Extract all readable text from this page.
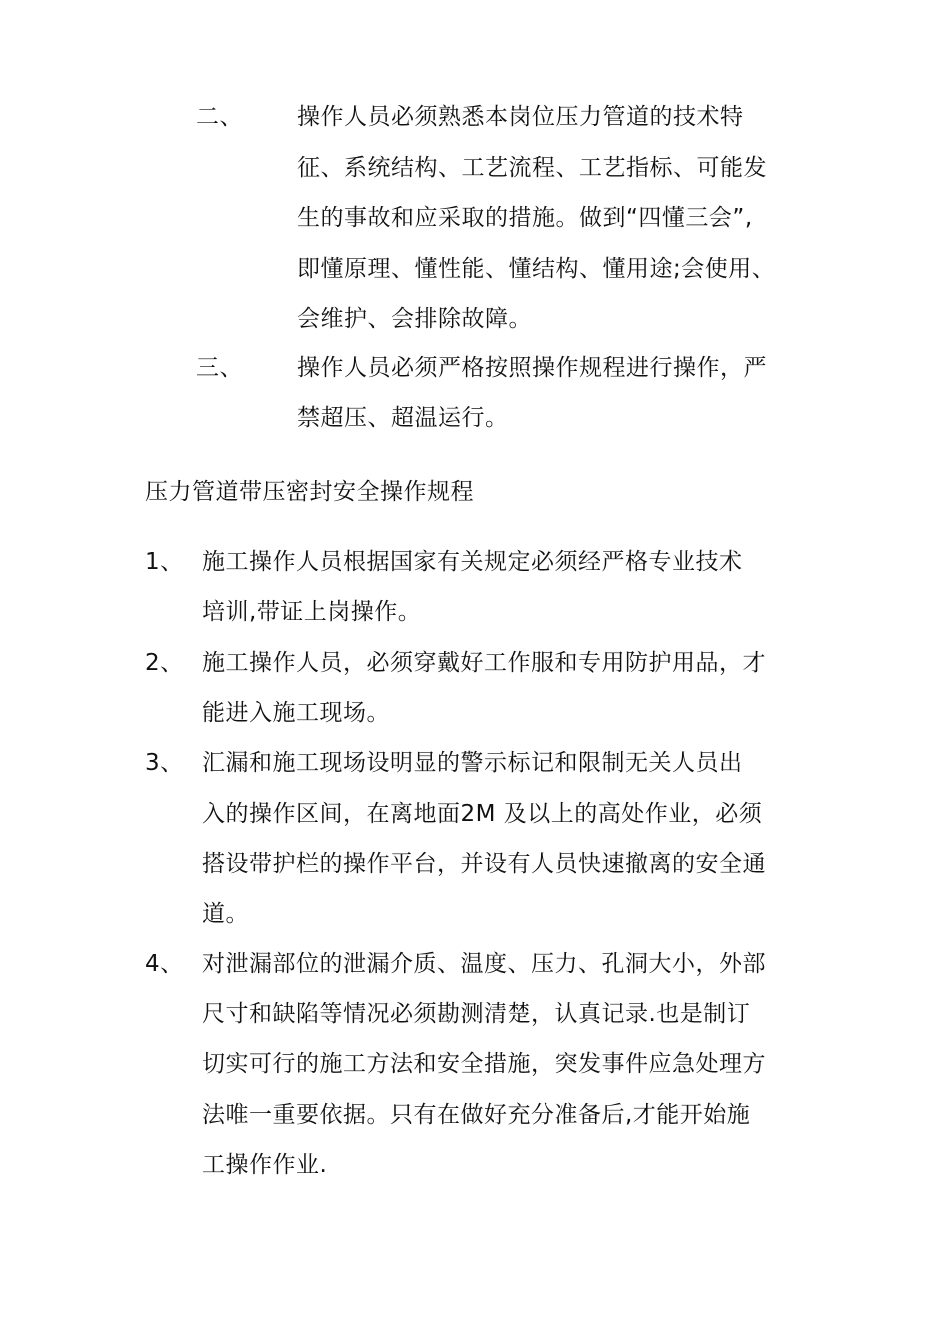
二、 操作人员必须熟悉本岗位压力管道的技术特
征、系统结构、工艺流程、工艺指标、可能发
生的事故和应采取的措施。做到“四懂三会”,
即懂原理、懂性能、懂结构、懂用途;会使用、
会维护、会排除故障。
三、 操作人员必须严格按照操作规程进行操作，严
禁超压、超温运行。
压力管道带压密封安全操作规程
1、 施工操作人员根据国家有关规定必须经严格专业技术
培训,带证上岗操作。
2、 施工操作人员，必须穿戴好工作服和专用防护用品，才
能进入施工现场。
3、 汇漏和施工现场设明显的警示标记和限制无关人员出
入的操作区间，在离地面2M 及以上的高处作业，必须
搭设带护栏的操作平台，并设有人员快速撤离的安全通
道。
4、 对泄漏部位的泄漏介质、温度、压力、孔洞大小，外部
尺寸和缺陷等情况必须勘测清楚，认真记录.也是制订
切实可行的施工方法和安全措施，突发事件应急处理方
法唯一重要依据。只有在做好充分准备后,才能开始施
工操作作业.
